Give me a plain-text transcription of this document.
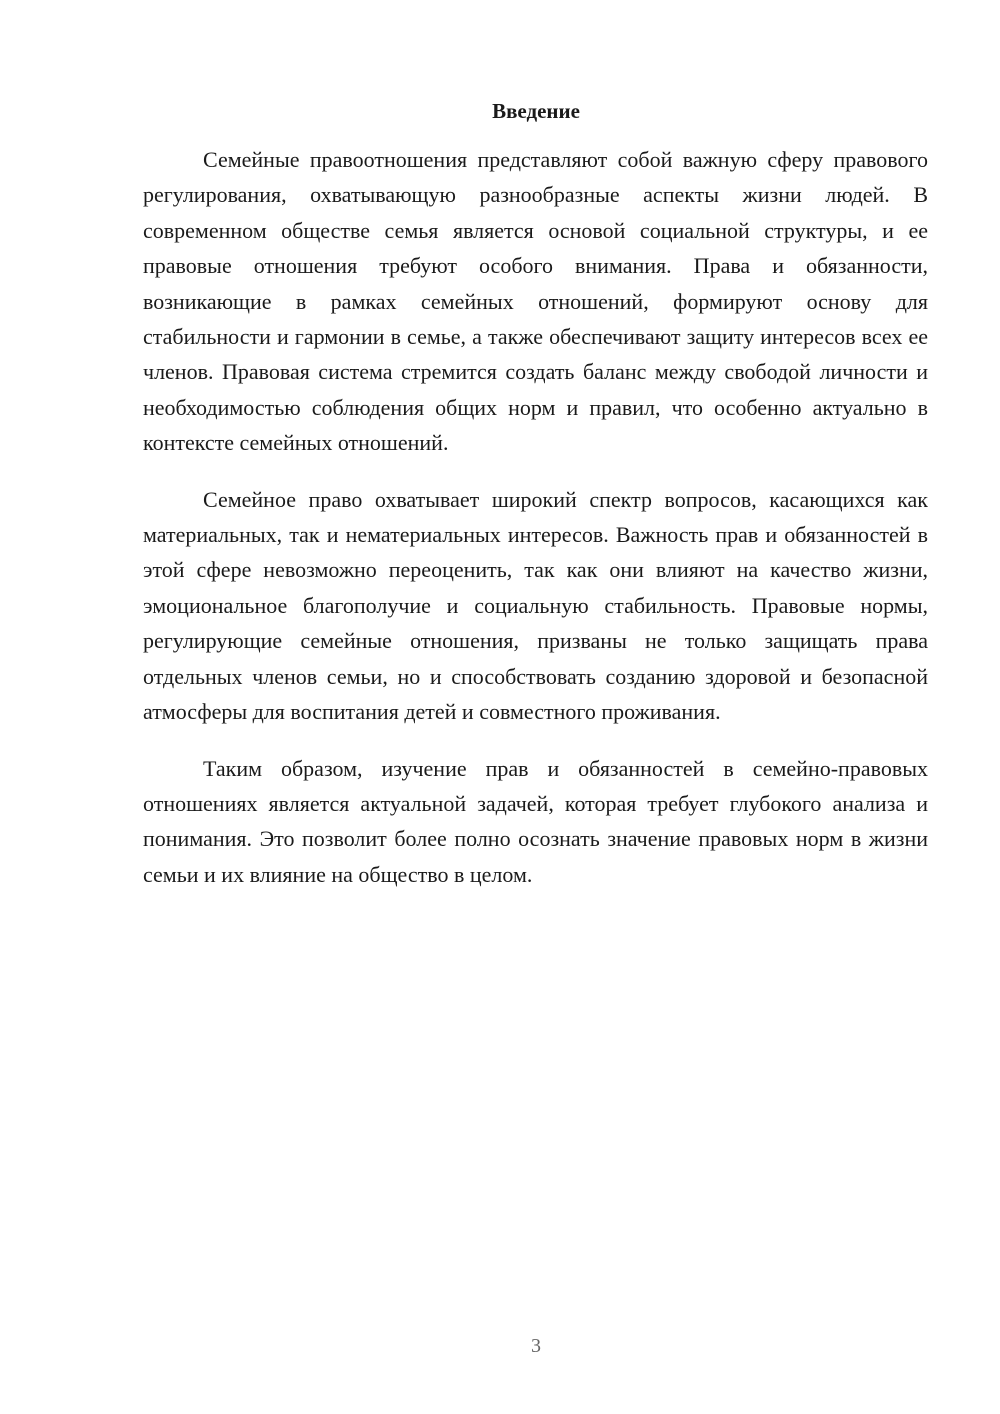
Введение

Семейные правоотношения представляют собой важную сферу правового регулирования, охватывающую разнообразные аспекты жизни людей. В современном обществе семья является основой социальной структуры, и ее правовые отношения требуют особого внимания. Права и обязанности, возникающие в рамках семейных отношений, формируют основу для стабильности и гармонии в семье, а также обеспечивают защиту интересов всех ее членов. Правовая система стремится создать баланс между свободой личности и необходимостью соблюдения общих норм и правил, что особенно актуально в контексте семейных отношений.

Семейное право охватывает широкий спектр вопросов, касающихся как материальных, так и нематериальных интересов. Важность прав и обязанностей в этой сфере невозможно переоценить, так как они влияют на качество жизни, эмоциональное благополучие и социальную стабильность. Правовые нормы, регулирующие семейные отношения, призваны не только защищать права отдельных членов семьи, но и способствовать созданию здоровой и безопасной атмосферы для воспитания детей и совместного проживания.

Таким образом, изучение прав и обязанностей в семейно-правовых отношениях является актуальной задачей, которая требует глубокого анализа и понимания. Это позволит более полно осознать значение правовых норм в жизни семьи и их влияние на общество в целом.

3
